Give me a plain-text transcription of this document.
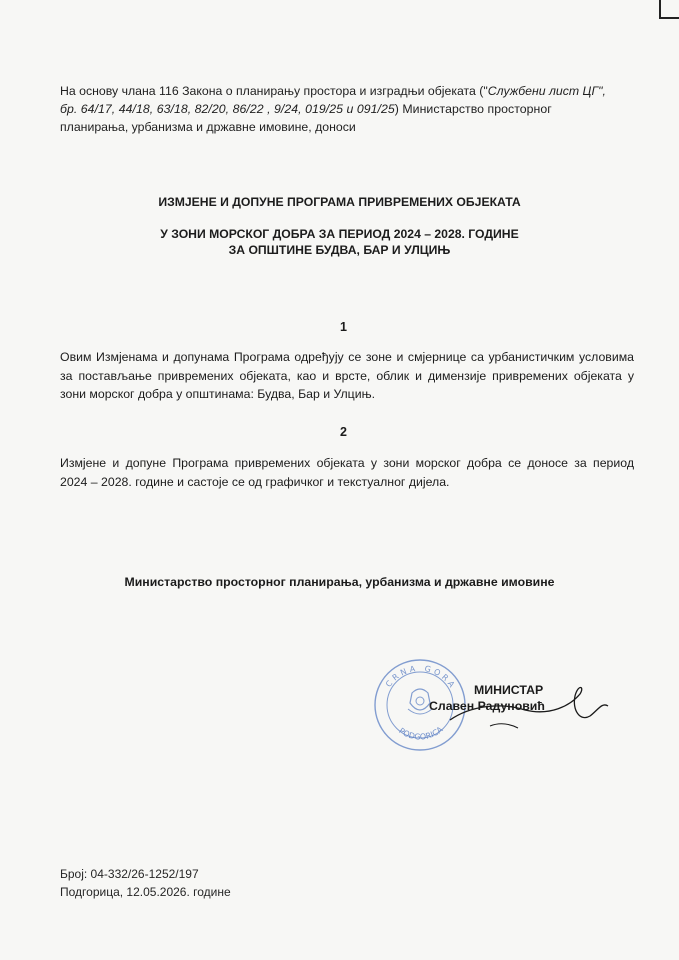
На основу члана 116 Закона о планирању простора и изградњи објеката ("Службени лист ЦГ",
бр. 64/17, 44/18, 63/18, 82/20, 86/22 , 9/24, 019/25 и 091/25) Министарство просторног
планирања, урбанизма и државне имовине, доноси
ИЗМЈЕНЕ И ДОПУНЕ ПРОГРАМА ПРИВРЕМЕНИХ ОБЈЕКАТА
У ЗОНИ МОРСКОГ ДОБРА ЗА ПЕРИОД 2024 – 2028. ГОДИНЕ
ЗА ОПШТИНЕ БУДВА, БАР И УЛЦИЊ
1
Овим Измјенама и допунама Програма одређују се зоне и смјернице са урбанистичким условима
за постављање привремених објеката, као и врсте, облик и димензије привремених објеката у
зони морског добра у општинама: Будва, Бар и Улцињ.
2
Измјене и допуне Програма привремених објеката у зони морског добра се доносе за период
2024 – 2028. године и састоје се од графичког и текстуалног дијела.
Министарство просторног планирања, урбанизма и државне имовине
CRNA GORA
PODGORICA
МИНИСТАР
Славен Радуновић
Број: 04-332/26-1252/197
Подгорица, 12.05.2026. године
